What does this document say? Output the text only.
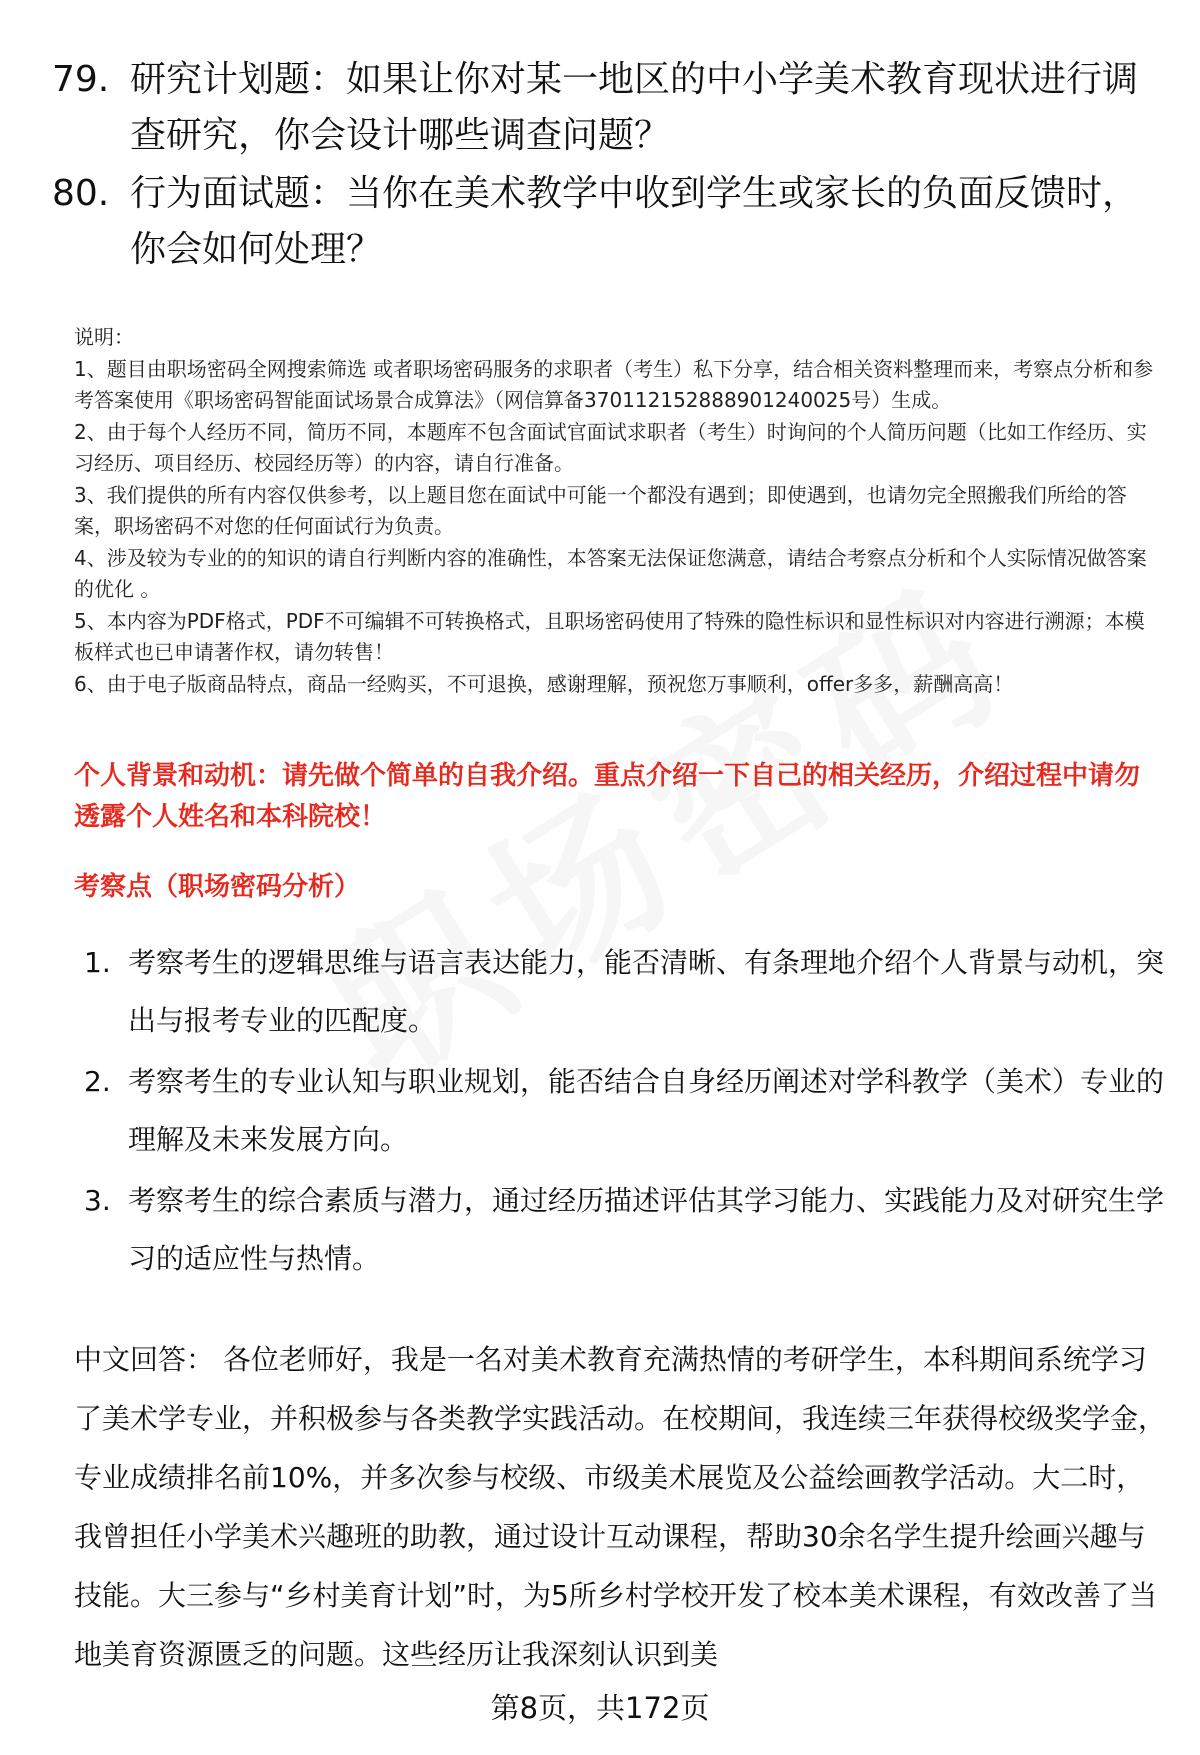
79. 研究计划题：如果让你对某一地区的中小学美术教育现状进行调查研究，你会设计哪些调查问题？
80. 行为面试题：当你在美术教学中收到学生或家长的负面反馈时，你会如何处理？

说明：

1、题目由职场密码全网搜索筛选 或者职场密码服务的求职者（考生）私下分享，结合相关资料整理而来，考察点分析和参考答案使用《职场密码智能面试场景合成算法》（网信算备370112152888901240025号）生成。

2、由于每个人经历不同，简历不同，本题库不包含面试官面试求职者（考生）时询问的个人简历问题（比如工作经历、实习经历、项目经历、校园经历等）的内容，请自行准备。

3、我们提供的所有内容仅供参考，以上题目您在面试中可能一个都没有遇到；即使遇到，也请勿完全照搬我们所给的答案，职场密码不对您的任何面试行为负责。

4、涉及较为专业的的知识的请自行判断内容的准确性，本答案无法保证您满意，请结合考察点分析和个人实际情况做答案的优化 。

5、本内容为PDF格式，PDF不可编辑不可转换格式，且职场密码使用了特殊的隐性标识和显性标识对内容进行溯源；本模板样式也已申请著作权，请勿转售！

6、由于电子版商品特点，商品一经购买，不可退换，感谢理解，预祝您万事顺利，offer多多，薪酬高高！

个人背景和动机：请先做个简单的自我介绍。重点介绍一下自己的相关经历，介绍过程中请勿透露个人姓名和本科院校！
考察点（职场密码分析）
1. 考察考生的逻辑思维与语言表达能力，能否清晰、有条理地介绍个人背景与动机，突出与报考专业的匹配度。
2. 考察考生的专业认知与职业规划，能否结合自身经历阐述对学科教学（美术）专业的理解及未来发展方向。
3. 考察考生的综合素质与潜力，通过经历描述评估其学习能力、实践能力及对研究生学习的适应性与热情。
中文回答： 各位老师好，我是一名对美术教育充满热情的考研学生，本科期间系统学习了美术学专业，并积极参与各类教学实践活动。在校期间，我连续三年获得校级奖学金，专业成绩排名前10%，并多次参与校级、市级美术展览及公益绘画教学活动。大二时，我曾担任小学美术兴趣班的助教，通过设计互动课程，帮助30余名学生提升绘画兴趣与技能。大三参与“乡村美育计划”时，为5所乡村学校开发了校本美术课程，有效改善了当地美育资源匮乏的问题。这些经历让我深刻认识到美
第8页，共172页
